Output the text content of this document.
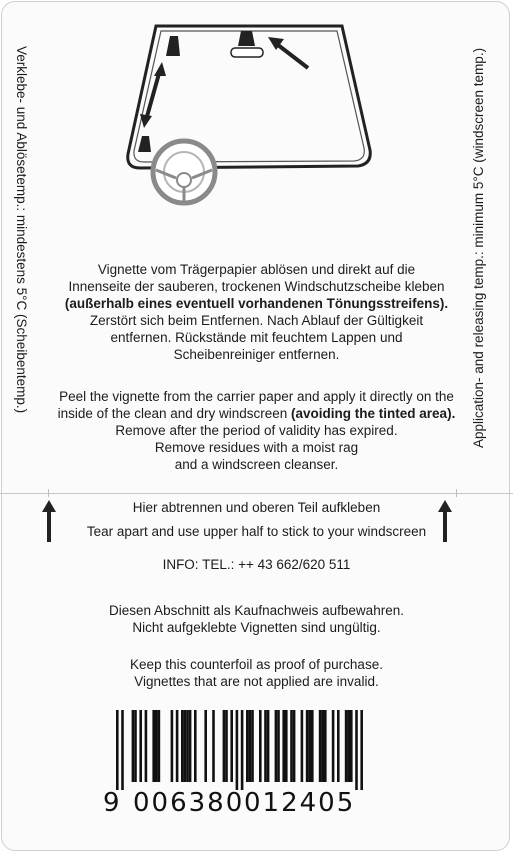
Verklebe- und Ablösetemp.: mindestens 5°C (Scheibentemp.)	Application- and releasing temp.: minimum 5°C (windscreen temp.)
Vignette vom Trägerpapier ablösen und direkt auf die
Innenseite der sauberen, trockenen Windschutzscheibe kleben
(außerhalb eines eventuell vorhandenen Tönungsstreifens).
Zerstört sich beim Entfernen. Nach Ablauf der Gültigkeit
entfernen. Rückstände mit feuchtem Lappen und
Scheibenreiniger entfernen.
Peel the vignette from the carrier paper and apply it directly on the
inside of the clean and dry windscreen (avoiding the tinted area).
Remove after the period of validity has expired.
Remove residues with a moist rag
and a windscreen cleanser.
Hier abtrennen und oberen Teil aufkleben
Tear apart and use upper half to stick to your windscreen
INFO: TEL.: ++ 43 662/620 511
Diesen Abschnitt als Kaufnachweis aufbewahren.
Nicht aufgeklebte Vignetten sind ungültig.
Keep this counterfoil as proof of purchase.
Vignettes that are not applied are invalid.
9 006380 012405
